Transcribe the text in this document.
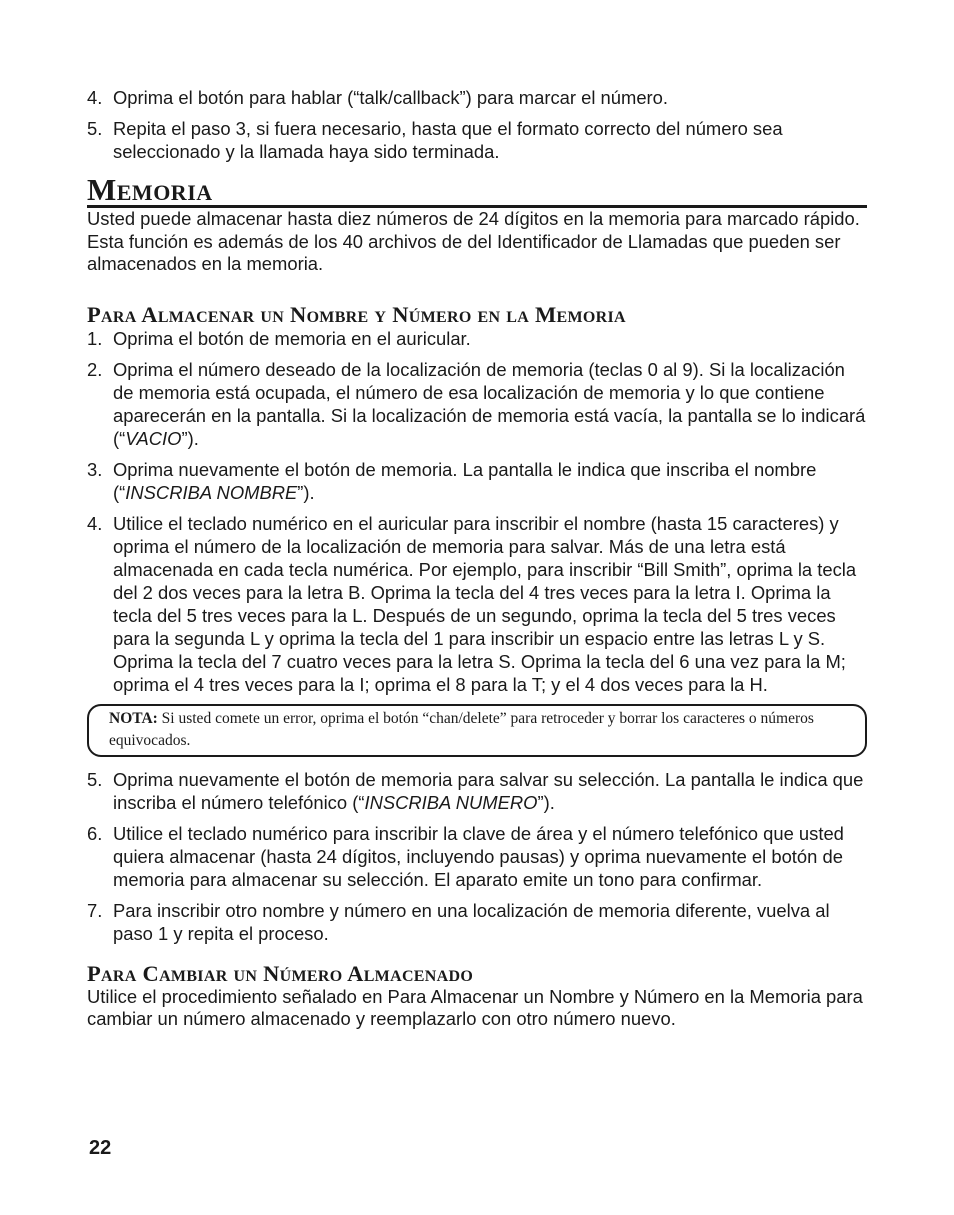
4. Oprima el botón para hablar (“talk/callback”) para marcar el número.
5. Repita el paso 3, si fuera necesario, hasta que el formato correcto del número sea seleccionado y la llamada haya sido terminada.
Memoria

Usted puede almacenar hasta diez números de 24 dígitos en la memoria para marcado rápido. Esta función es además de los 40 archivos de del Identificador de Llamadas que pueden ser almacenados en la memoria.

Para Almacenar un Nombre y Número en la Memoria
1. Oprima el botón de memoria en el auricular.
2. Oprima el número deseado de la localización de memoria (teclas 0 al 9). Si la localización de memoria está ocupada, el número de esa localización de memoria y lo que contiene aparecerán en la pantalla. Si la localización de memoria está vacía, la pantalla se lo indicará (“VACIO”).
3. Oprima nuevamente el botón de memoria. La pantalla le indica que inscriba el nombre (“INSCRIBA NOMBRE”).
4. Utilice el teclado numérico en el auricular para inscribir el nombre (hasta 15 caracteres) y oprima el número de la localización de memoria para salvar. Más de una letra está almacenada en cada tecla numérica. Por ejemplo, para inscribir “Bill Smith”, oprima la tecla del 2 dos veces para la letra B. Oprima la tecla del 4 tres veces para la letra I. Oprima la tecla del 5 tres veces para la L. Después de un segundo, oprima la tecla del 5 tres veces para la segunda L y oprima la tecla del 1 para inscribir un espacio entre las letras L y S. Oprima la tecla del 7 cuatro veces para la letra S. Oprima la tecla del 6 una vez para la M; oprima el 4 tres veces para la I; oprima el 8 para la T; y el 4 dos veces para la H.
NOTA: Si usted comete un error, oprima el botón “chan/delete” para retroceder y borrar los caracteres o números equivocados.
5. Oprima nuevamente el botón de memoria para salvar su selección. La pantalla le indica que inscriba el número telefónico (“INSCRIBA NUMERO”).
6. Utilice el teclado numérico para inscribir la clave de área y el número telefónico que usted quiera almacenar (hasta 24 dígitos, incluyendo pausas) y oprima nuevamente el botón de memoria para almacenar su selección. El aparato emite un tono para confirmar.
7. Para inscribir otro nombre y número en una localización de memoria diferente, vuelva al paso 1 y repita el proceso.
Para Cambiar un Número Almacenado

Utilice el procedimiento señalado en Para Almacenar un Nombre y Número en la Memoria para cambiar un número almacenado y reemplazarlo con otro número nuevo.

22
